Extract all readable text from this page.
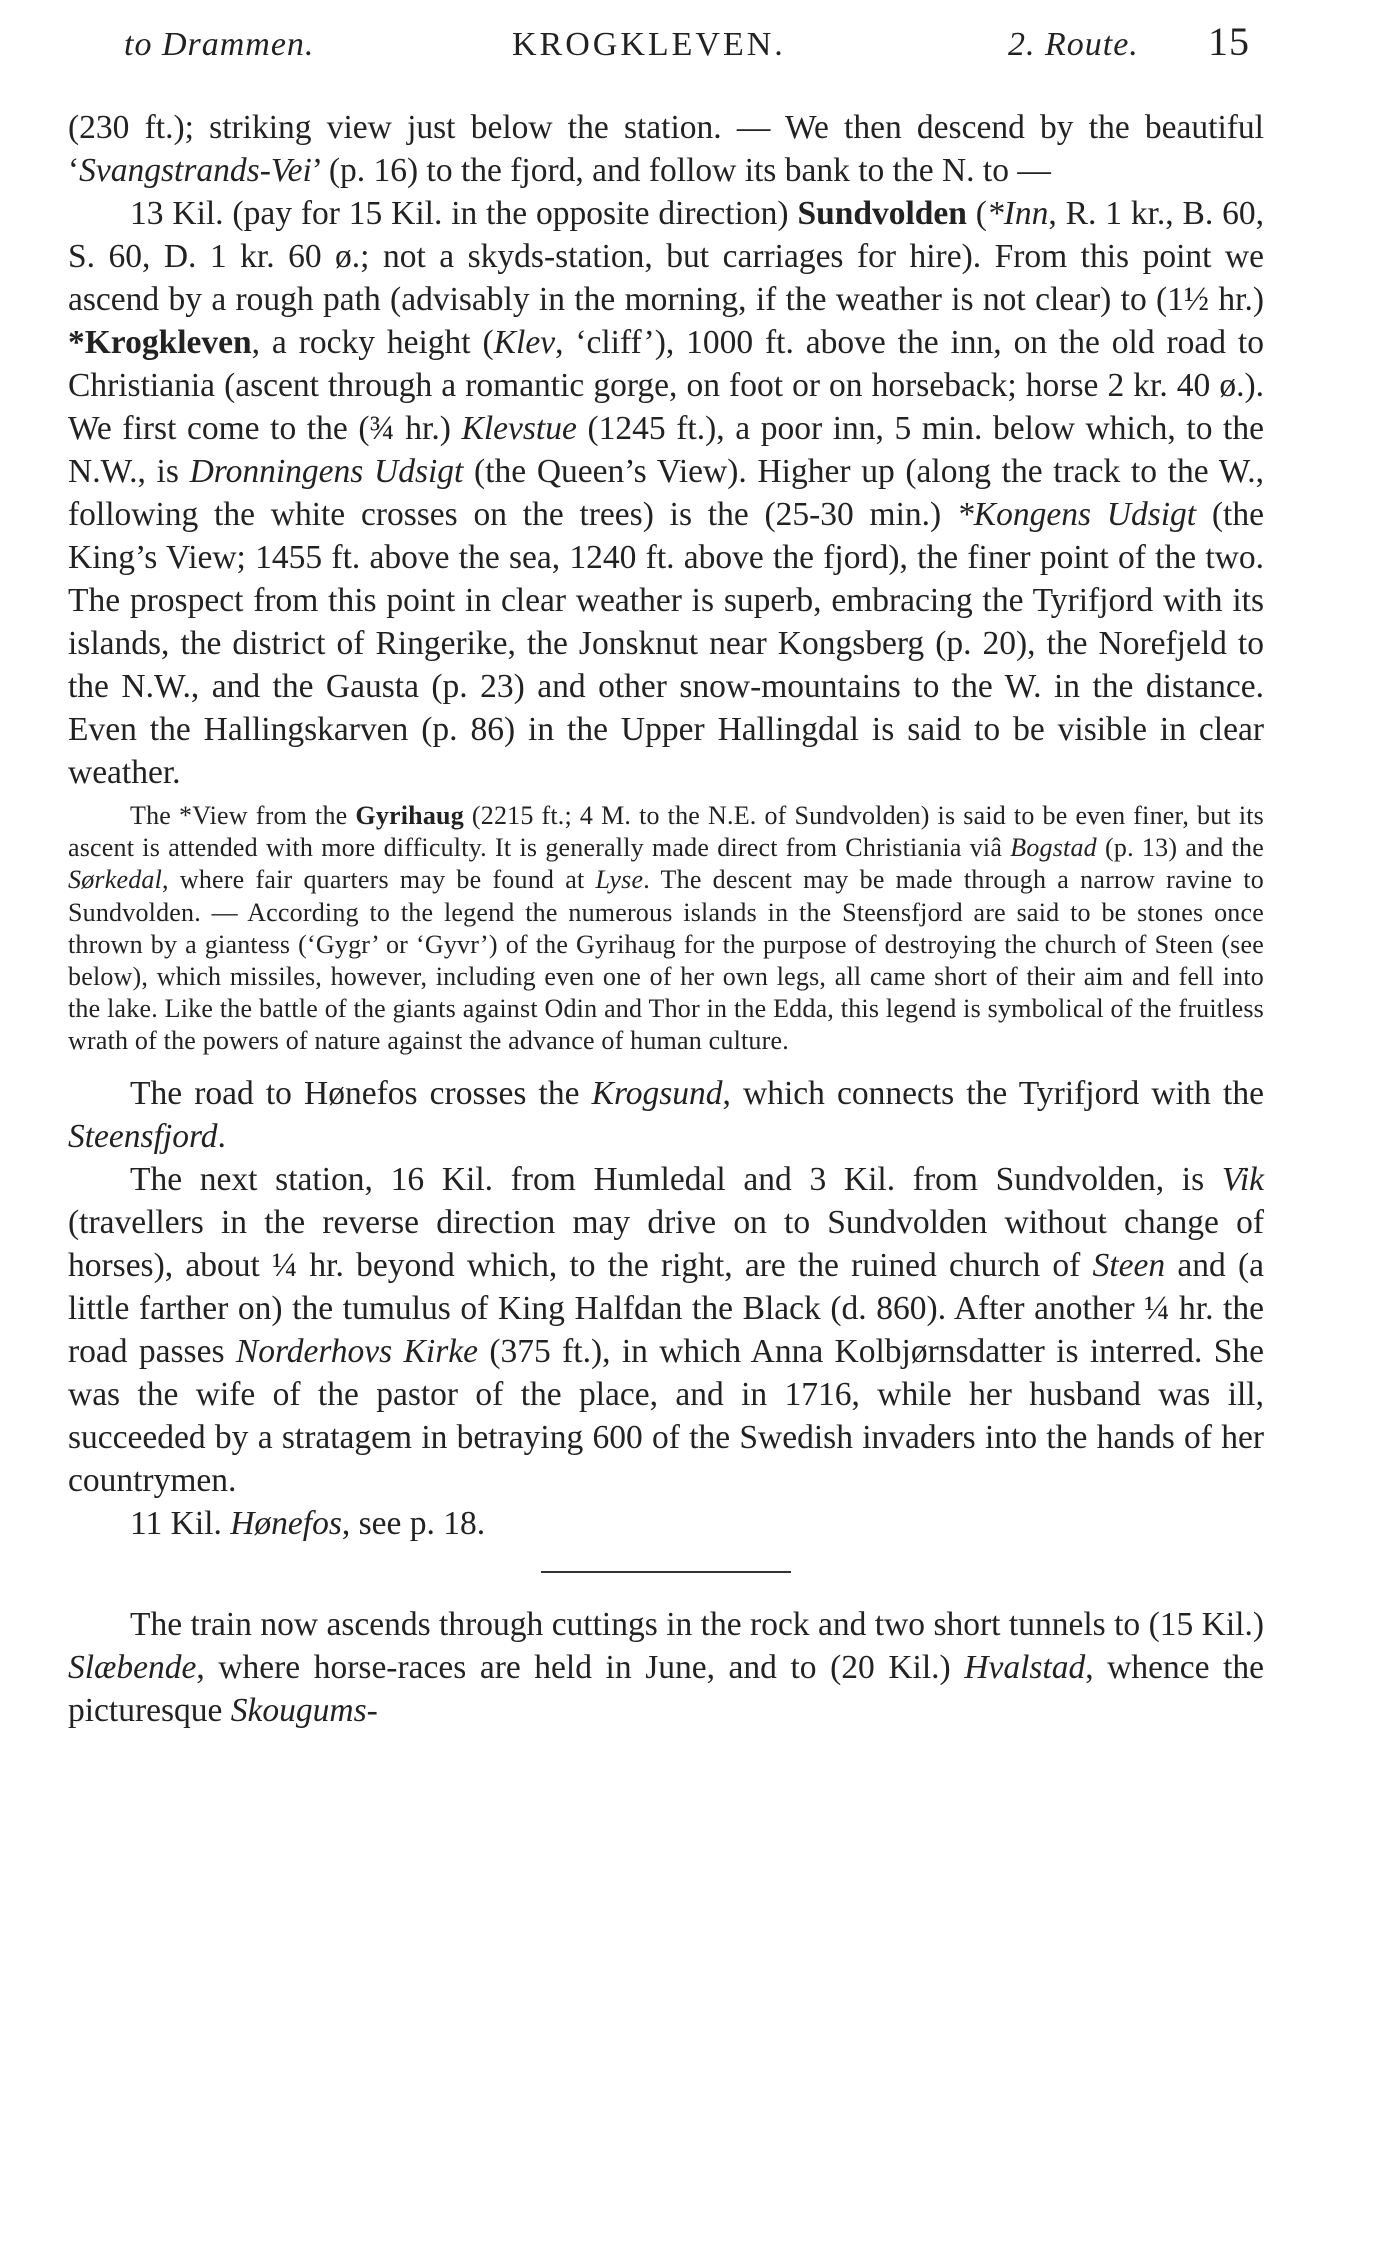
to Drammen.	KROGKLEVEN.	2. Route. 15

(230 ft.); striking view just below the station. — We then descend by the beautiful ‘Svangstrands-Vei’ (p. 16) to the fjord, and follow its bank to the N. to —

13 Kil. (pay for 15 Kil. in the opposite direction) Sundvolden (*Inn, R. 1 kr., B. 60, S. 60, D. 1 kr. 60 ø.; not a skyds-station, but carriages for hire). From this point we ascend by a rough path (advisably in the morning, if the weather is not clear) to (1½ hr.) *Krogkleven, a rocky height (Klev, ‘cliff’), 1000 ft. above the inn, on the old road to Christiania (ascent through a romantic gorge, on foot or on horseback; horse 2 kr. 40 ø.). We first come to the (¾ hr.) Klevstue (1245 ft.), a poor inn, 5 min. below which, to the N.W., is Dronningens Udsigt (the Queen’s View). Higher up (along the track to the W., following the white crosses on the trees) is the (25-30 min.) *Kongens Udsigt (the King’s View; 1455 ft. above the sea, 1240 ft. above the fjord), the finer point of the two. The prospect from this point in clear weather is superb, embracing the Tyrifjord with its islands, the district of Ringerike, the Jonsknut near Kongsberg (p. 20), the Norefjeld to the N.W., and the Gausta (p. 23) and other snow-mountains to the W. in the distance. Even the Hallingskarven (p. 86) in the Upper Hallingdal is said to be visible in clear weather.

The *View from the Gyrihaug (2215 ft.; 4 M. to the N.E. of Sundvolden) is said to be even finer, but its ascent is attended with more difficulty. It is generally made direct from Christiania viâ Bogstad (p. 13) and the Sørkedal, where fair quarters may be found at Lyse. The descent may be made through a narrow ravine to Sundvolden. — According to the legend the numerous islands in the Steensfjord are said to be stones once thrown by a giantess (‘Gygr’ or ‘Gyvr’) of the Gyrihaug for the purpose of destroying the church of Steen (see below), which missiles, however, including even one of her own legs, all came short of their aim and fell into the lake. Like the battle of the giants against Odin and Thor in the Edda, this legend is symbolical of the fruitless wrath of the powers of nature against the advance of human culture.

The road to Hønefos crosses the Krogsund, which connects the Tyrifjord with the Steensfjord.

The next station, 16 Kil. from Humledal and 3 Kil. from Sundvolden, is Vik (travellers in the reverse direction may drive on to Sundvolden without change of horses), about ¼ hr. beyond which, to the right, are the ruined church of Steen and (a little farther on) the tumulus of King Halfdan the Black (d. 860). After another ¼ hr. the road passes Norderhovs Kirke (375 ft.), in which Anna Kolbjørnsdatter is interred. She was the wife of the pastor of the place, and in 1716, while her husband was ill, succeeded by a stratagem in betraying 600 of the Swedish invaders into the hands of her countrymen.

11 Kil. Hønefos, see p. 18.

The train now ascends through cuttings in the rock and two short tunnels to (15 Kil.) Slæbende, where horse-races are held in June, and to (20 Kil.) Hvalstad, whence the picturesque Skougums-
